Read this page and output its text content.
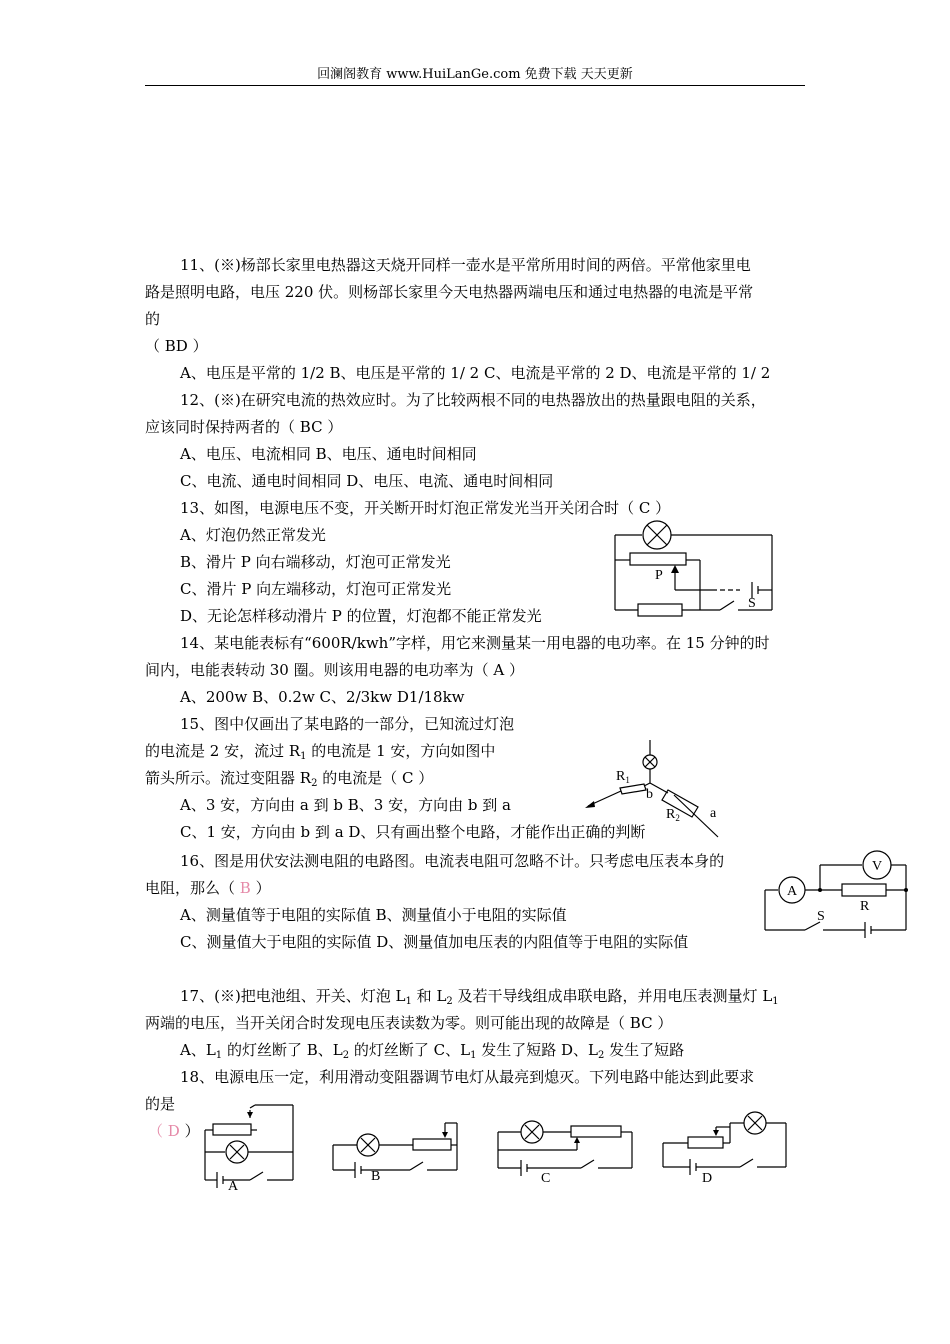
回澜阁教育 www.HuiLanGe.com 免费下载 天天更新
11、(※)杨部长家里电热器这天烧开同样一壶水是平常所用时间的两倍。平常他家里电
路是照明电路，电压 220 伏。则杨部长家里今天电热器两端电压和通过电热器的电流是平常
的
（ BD ）
A、电压是平常的 1/2 B、电压是平常的 1/ 2 C、电流是平常的 2 D、电流是平常的 1/ 2
12、(※)在研究电流的热效应时。为了比较两根不同的电热器放出的热量跟电阻的关系，
应该同时保持两者的（ BC ）
A、电压、电流相同 B、电压、通电时间相同
C、电流、通电时间相同 D、电压、电流、通电时间相同
13、如图，电源电压不变，开关断开时灯泡正常发光当开关闭合时（ C ）
A、灯泡仍然正常发光
B、滑片 P 向右端移动，灯泡可正常发光
C、滑片 P 向左端移动，灯泡可正常发光
D、无论怎样移动滑片 P 的位置，灯泡都不能正常发光
P
S
14、某电能表标有“600R/kwh”字样，用它来测量某一用电器的电功率。在 15 分钟的时
间内，电能表转动 30 圈。则该用电器的电功率为（ A ）
A、200w B、0.2w C、2/3kw D1/18kw
15、图中仅画出了某电路的一部分，已知流过灯泡
的电流是 2 安，流过 $R_1$ 的电流是 1 安，方向如图中
箭头所示。流过变阻器 $R_2$ 的电流是（ C ）
A、3 安，方向由 a 到 b B、3 安，方向由 b 到 a
C、1 安，方向由 b 到 a D、只有画出整个电路，才能作出正确的判断
$R_1$
b
$R_2$ a
16、图是用伏安法测电阻的电路图。电流表电阻可忽略不计。只考虑电压表本身的
电阻，那么（ B ）
A、测量值等于电阻的实际值 B、测量值小于电阻的实际值
C、测量值大于电阻的实际值 D、测量值加电压表的内阻值等于电阻的实际值
V
A
R
S
17、(※)把电池组、开关、灯泡 $L_1$ 和 $L_2$ 及若干导线组成串联电路，并用电压表测量灯 $L_1$
两端的电压，当开关闭合时发现电压表读数为零。则可能出现的故障是（ BC ）
A、$L_1$ 的灯丝断了 B、$L_2$ 的灯丝断了 C、$L_1$ 发生了短路 D、$L_2$ 发生了短路
18、电源电压一定，利用滑动变阻器调节电灯从最亮到熄灭。下列电路中能达到此要求
的是
（ D ）
A
B	C	D
